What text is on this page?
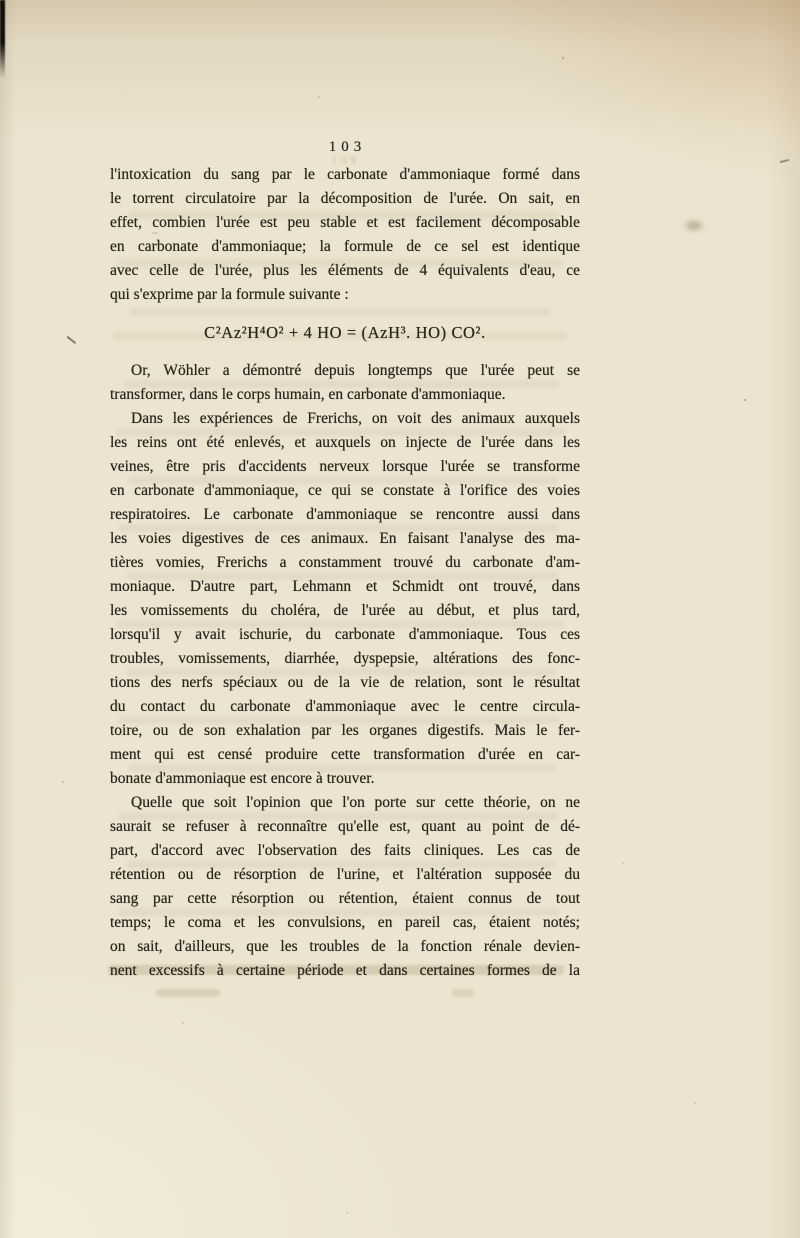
104
103
l'intoxication du sang par le carbonate d'ammoniaque formé dans
le torrent circulatoire par la décomposition de l'urée. On sait, en
effet, combien l'urée est peu stable et est facilement décomposable
en carbonate d'ammoniaque; la formule de ce sel est identique
avec celle de l'urée, plus les éléments de 4 équivalents d'eau, ce
qui s'exprime par la formule suivante :
C²Az²H⁴O² + 4 HO = (AzH³. HO) CO².
Or, Wöhler a démontré depuis longtemps que l'urée peut se
transformer, dans le corps humain, en carbonate d'ammoniaque.
Dans les expériences de Frerichs, on voit des animaux auxquels
les reins ont été enlevés, et auxquels on injecte de l'urée dans les
veines, être pris d'accidents nerveux lorsque l'urée se transforme
en carbonate d'ammoniaque, ce qui se constate à l'orifice des voies
respiratoires. Le carbonate d'ammoniaque se rencontre aussi dans
les voies digestives de ces animaux. En faisant l'analyse des ma-
tières vomies, Frerichs a constamment trouvé du carbonate d'am-
moniaque. D'autre part, Lehmann et Schmidt ont trouvé, dans
les vomissements du choléra, de l'urée au début, et plus tard,
lorsqu'il y avait ischurie, du carbonate d'ammoniaque. Tous ces
troubles, vomissements, diarrhée, dyspepsie, altérations des fonc-
tions des nerfs spéciaux ou de la vie de relation, sont le résultat
du contact du carbonate d'ammoniaque avec le centre circula-
toire, ou de son exhalation par les organes digestifs. Mais le fer-
ment qui est censé produire cette transformation d'urée en car-
bonate d'ammoniaque est encore à trouver.
Quelle que soit l'opinion que l'on porte sur cette théorie, on ne
saurait se refuser à reconnaître qu'elle est, quant au point de dé-
part, d'accord avec l'observation des faits cliniques. Les cas de
rétention ou de résorption de l'urine, et l'altération supposée du
sang par cette résorption ou rétention, étaient connus de tout
temps; le coma et les convulsions, en pareil cas, étaient notés;
on sait, d'ailleurs, que les troubles de la fonction rénale devien-
nent excessifs à certaine période et dans certaines formes de la
